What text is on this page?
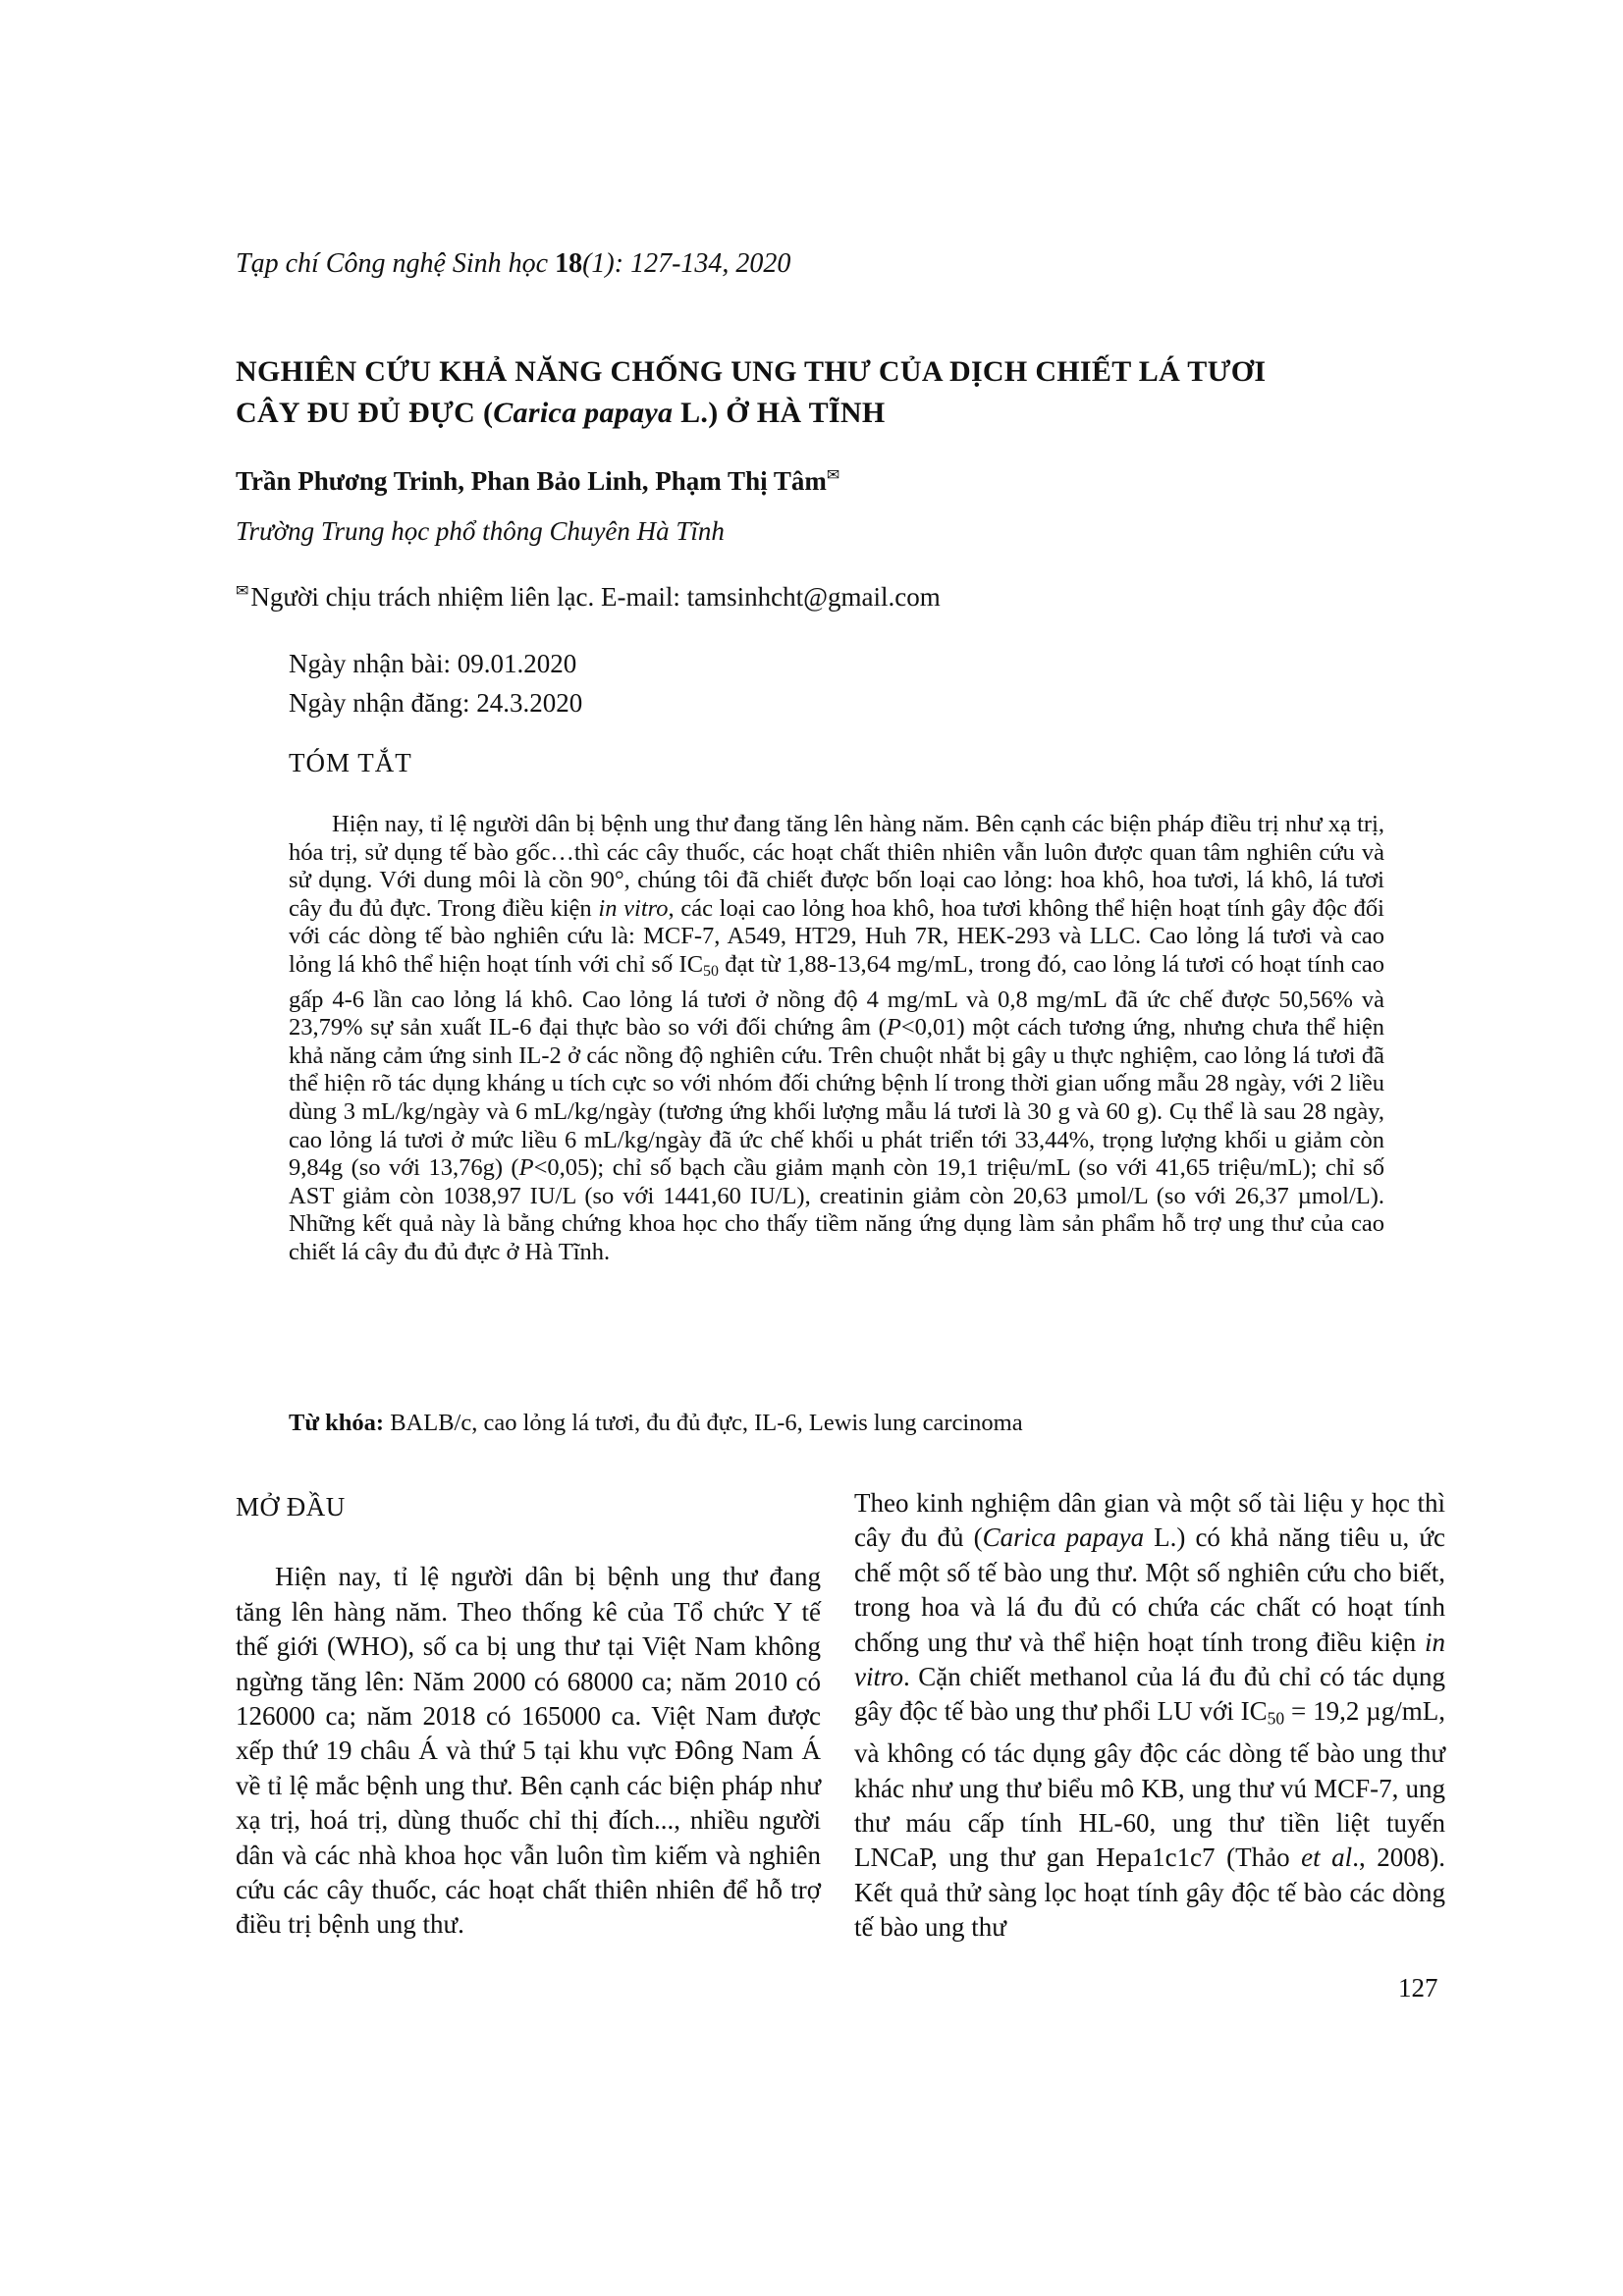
Tạp chí Công nghệ Sinh học 18(1): 127-134, 2020
NGHIÊN CỨU KHẢ NĂNG CHỐNG UNG THƯ CỦA DỊCH CHIẾT LÁ TƯƠI
CÂY ĐU ĐỦ ĐỰC (Carica papaya L.) Ở HÀ TĨNH
Trần Phương Trinh, Phan Bảo Linh, Phạm Thị Tâm✉
Trường Trung học phổ thông Chuyên Hà Tĩnh
✉Người chịu trách nhiệm liên lạc. E-mail: tamsinhcht@gmail.com
Ngày nhận bài: 09.01.2020
Ngày nhận đăng: 24.3.2020
TÓM TẮT
Hiện nay, tỉ lệ người dân bị bệnh ung thư đang tăng lên hàng năm. Bên cạnh các biện pháp điều trị như xạ trị, hóa trị, sử dụng tế bào gốc…thì các cây thuốc, các hoạt chất thiên nhiên vẫn luôn được quan tâm nghiên cứu và sử dụng. Với dung môi là cồn 90°, chúng tôi đã chiết được bốn loại cao lỏng: hoa khô, hoa tươi, lá khô, lá tươi cây đu đủ đực. Trong điều kiện in vitro, các loại cao lỏng hoa khô, hoa tươi không thể hiện hoạt tính gây độc đối với các dòng tế bào nghiên cứu là: MCF-7, A549, HT29, Huh 7R, HEK-293 và LLC. Cao lỏng lá tươi và cao lỏng lá khô thể hiện hoạt tính với chỉ số $IC_{50}$ đạt từ 1,88-13,64 mg/mL, trong đó, cao lỏng lá tươi có hoạt tính cao gấp 4-6 lần cao lỏng lá khô. Cao lỏng lá tươi ở nồng độ 4 mg/mL và 0,8 mg/mL đã ức chế được 50,56% và 23,79% sự sản xuất IL-6 đại thực bào so với đối chứng âm (P<0,01) một cách tương ứng, nhưng chưa thể hiện khả năng cảm ứng sinh IL-2 ở các nồng độ nghiên cứu. Trên chuột nhắt bị gây u thực nghiệm, cao lỏng lá tươi đã thể hiện rõ tác dụng kháng u tích cực so với nhóm đối chứng bệnh lí trong thời gian uống mẫu 28 ngày, với 2 liều dùng 3 mL/kg/ngày và 6 mL/kg/ngày (tương ứng khối lượng mẫu lá tươi là 30 g và 60 g). Cụ thể là sau 28 ngày, cao lỏng lá tươi ở mức liều 6 mL/kg/ngày đã ức chế khối u phát triển tới 33,44%, trọng lượng khối u giảm còn 9,84g (so với 13,76g) (P<0,05); chỉ số bạch cầu giảm mạnh còn 19,1 triệu/mL (so với 41,65 triệu/mL); chỉ số AST giảm còn 1038,97 IU/L (so với 1441,60 IU/L), creatinin giảm còn 20,63 µmol/L (so với 26,37 µmol/L). Những kết quả này là bằng chứng khoa học cho thấy tiềm năng ứng dụng làm sản phẩm hỗ trợ ung thư của cao chiết lá cây đu đủ đực ở Hà Tĩnh.
Từ khóa: BALB/c, cao lỏng lá tươi, đu đủ đực, IL-6, Lewis lung carcinoma
MỞ ĐẦU

Hiện nay, tỉ lệ người dân bị bệnh ung thư đang tăng lên hàng năm. Theo thống kê của Tổ chức Y tế thế giới (WHO), số ca bị ung thư tại Việt Nam không ngừng tăng lên: Năm 2000 có 68000 ca; năm 2010 có 126000 ca; năm 2018 có 165000 ca. Việt Nam được xếp thứ 19 châu Á và thứ 5 tại khu vực Đông Nam Á về tỉ lệ mắc bệnh ung thư. Bên cạnh các biện pháp như xạ trị, hoá trị, dùng thuốc chỉ thị đích..., nhiều người dân và các nhà khoa học vẫn luôn tìm kiếm và nghiên cứu các cây thuốc, các hoạt chất thiên nhiên để hỗ trợ điều trị bệnh ung thư.

Theo kinh nghiệm dân gian và một số tài liệu y học thì cây đu đủ (Carica papaya L.) có khả năng tiêu u, ức chế một số tế bào ung thư. Một số nghiên cứu cho biết, trong hoa và lá đu đủ có chứa các chất có hoạt tính chống ung thư và thể hiện hoạt tính trong điều kiện in vitro. Cặn chiết methanol của lá đu đủ chỉ có tác dụng gây độc tế bào ung thư phổi LU với $IC_{50} = 19,2$ µg/mL, và không có tác dụng gây độc các dòng tế bào ung thư khác như ung thư biểu mô KB, ung thư vú MCF-7, ung thư máu cấp tính HL-60, ung thư tiền liệt tuyến LNCaP, ung thư gan Hepa1c1c7 (Thảo et al., 2008). Kết quả thử sàng lọc hoạt tính gây độc tế bào các dòng tế bào ung thư

127
